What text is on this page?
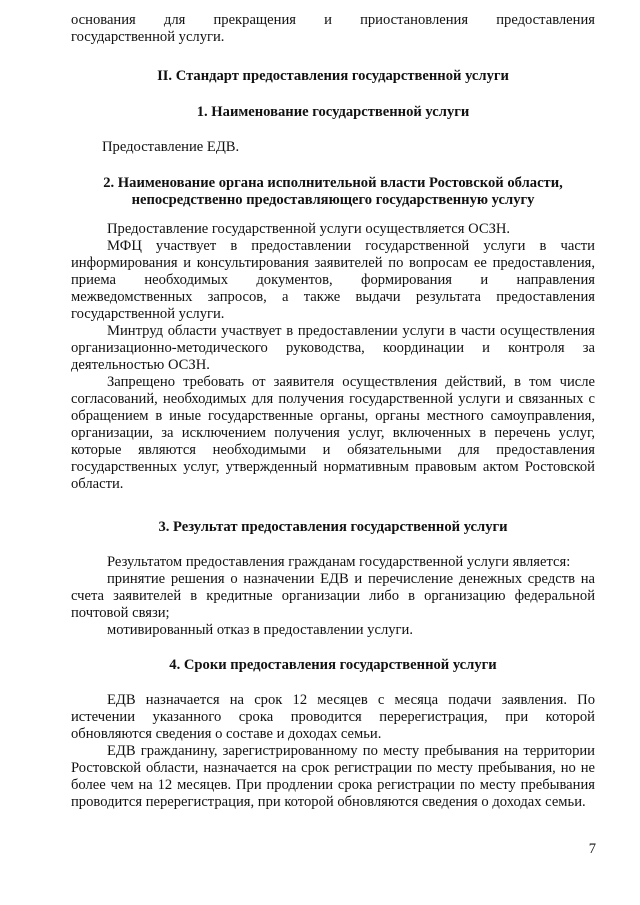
основания для прекращения и приостановления предоставления

государственной услуги.

II. Стандарт предоставления государственной услуги

1. Наименование государственной услуги

Предоставление ЕДВ.

2. Наименование органа исполнительной власти Ростовской области,

непосредственно предоставляющего государственную услугу

Предоставление государственной услуги осуществляется ОСЗН.

МФЦ участвует в предоставлении государственной услуги в части информирования и консультирования заявителей по вопросам ее предоставления, приема необходимых документов, формирования и направления межведомственных запросов, а также выдачи результата предоставления государственной услуги.

Минтруд области участвует в предоставлении услуги в части осуществления организационно-методического руководства, координации и контроля за деятельностью ОСЗН.

Запрещено требовать от заявителя осуществления действий, в том числе согласований, необходимых для получения государственной услуги и связанных с обращением в иные государственные органы, органы местного самоуправления, организации, за исключением получения услуг, включенных в перечень услуг, которые являются необходимыми и обязательными для предоставления государственных услуг, утвержденный нормативным правовым актом Ростовской области.

3. Результат предоставления государственной услуги

Результатом предоставления гражданам государственной услуги является:

принятие решения о назначении ЕДВ и перечисление денежных средств на счета заявителей в кредитные организации либо в организацию федеральной почтовой связи;

мотивированный отказ в предоставлении услуги.

4. Сроки предоставления государственной услуги

ЕДВ назначается на срок 12 месяцев с месяца подачи заявления. По истечении указанного срока проводится перерегистрация, при которой обновляются сведения о составе и доходах семьи.

ЕДВ гражданину, зарегистрированному по месту пребывания на территории Ростовской области, назначается на срок регистрации по месту пребывания, но не более чем на 12 месяцев. При продлении срока регистрации по месту пребывания проводится перерегистрация, при которой обновляются сведения о доходах семьи.

7
